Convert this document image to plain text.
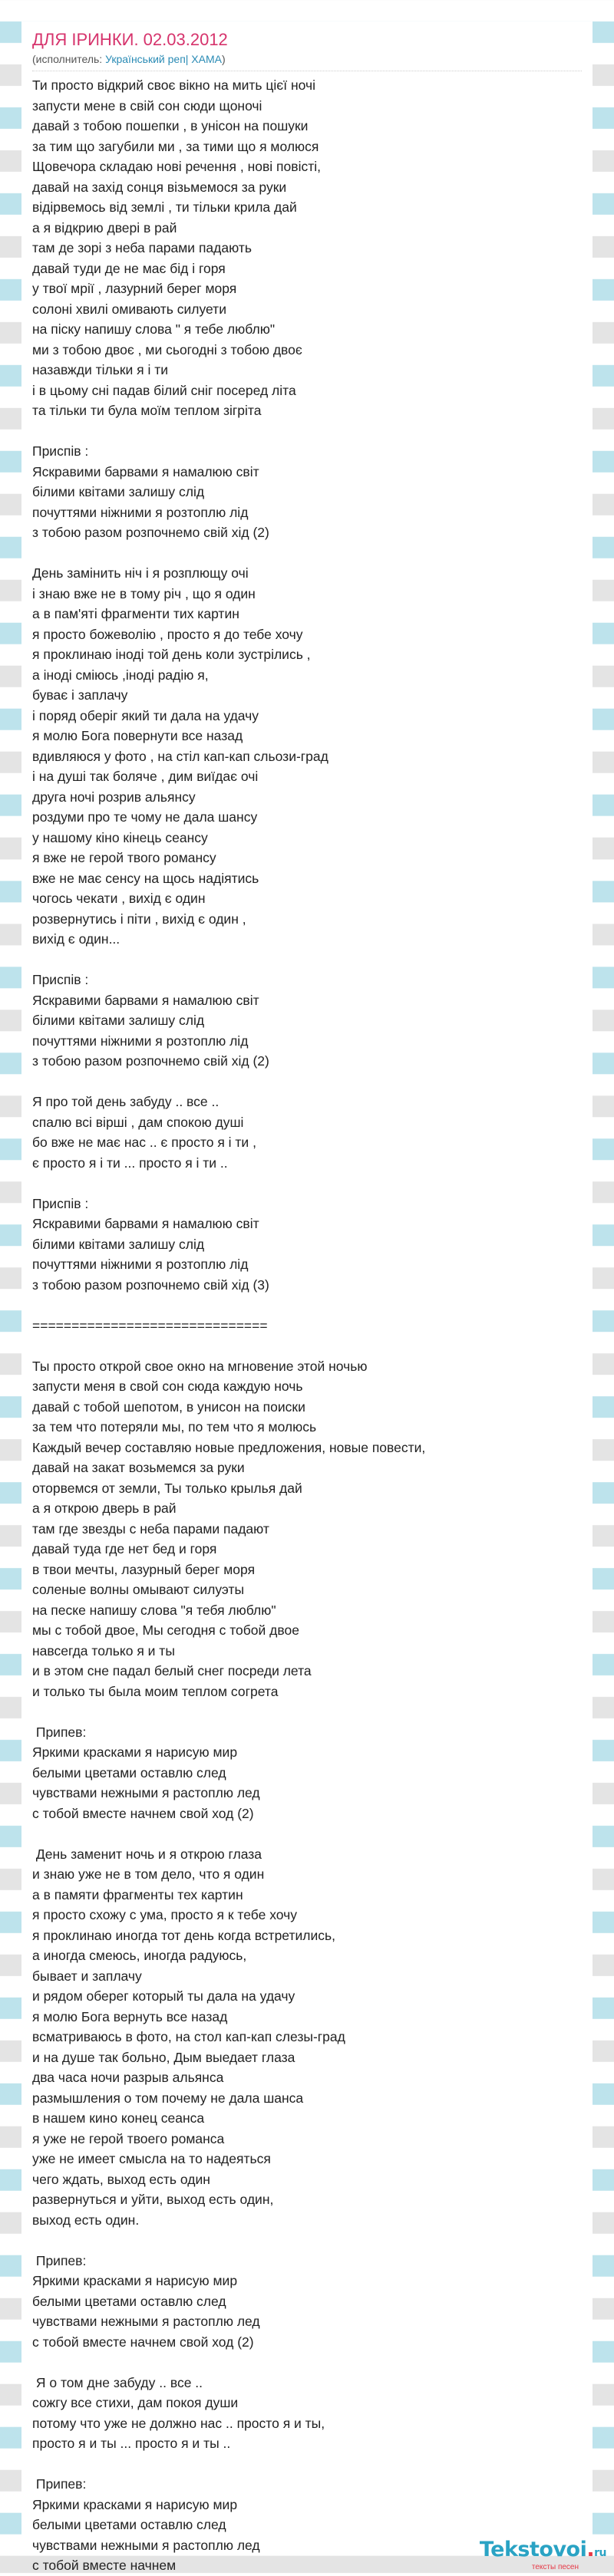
ДЛЯ ІРИНКИ. 02.03.2012
(исполнитель: Український реп| ХАМА)
Ти просто відкрий своє вікно на мить цієї ночі
запусти мене в свій сон сюди щоночі
давай з тобою пошепки , в унісон на пошуки
за тим що загубили ми , за тими що я молюся
Щовечора складаю нові речення , нові повісті,
давай на захід сонця візьмемося за руки
відірвемось від землі , ти тільки крила дай
а я відкрию двері в рай
там де зорі з неба парами падають
давай туди де не має бід і горя
у твої мрії , лазурний берег моря
солоні хвилі омивають силуети
на піску напишу слова " я тебе люблю"
ми з тобою двоє , ми сьогодні з тобою двоє
назавжди тільки я і ти
і в цьому сні падав білий сніг посеред літа
та тільки ти була моїм теплом зігріта

Приспів :
Яскравими барвами я намалюю світ
білими квітами залишу слід
почуттями ніжними я розтоплю лід
з тобою разом розпочнемо свій хід (2)

День замінить ніч і я розплющу очі
і знаю вже не в тому річ , що я один
а в пам'яті фрагменти тих картин
я просто божеволію , просто я до тебе хочу
я проклинаю іноді той день коли зустрілись ,
а іноді сміюсь ,іноді радію я,
буває і заплачу
і поряд оберіг який ти дала на удачу
я молю Бога повернути все назад
вдивляюся у фото , на стіл кап-кап сльози-град
і на душі так боляче , дим виїдає очі
друга ночі розрив альянсу
роздуми про те чому не дала шансу
у нашому кіно кінець сеансу
я вже не герой твого романсу
вже не має сенсу на щось надіятись
чогось чекати , вихід є один
розвернутись і піти , вихід є один ,
вихід є один...

Приспів :
Яскравими барвами я намалюю світ
білими квітами залишу слід
почуттями ніжними я розтоплю лід
з тобою разом розпочнемо свій хід (2)

Я про той день забуду .. все ..
спалю всі вірші , дам спокою душі
бо вже не має нас .. є просто я і ти ,
є просто я і ти ... просто я і ти ..

Приспів :
Яскравими барвами я намалюю світ
білими квітами залишу слід
почуттями ніжними я розтоплю лід
з тобою разом розпочнемо свій хід (3)

==============================

Ты просто открой свое окно на мгновение этой ночью
запусти меня в свой сон сюда каждую ночь
давай с тобой шепотом, в унисон на поиски
за тем что потеряли мы, по тем что я молюсь
Каждый вечер составляю новые предложения, новые повести,
давай на закат возьмемся за руки
оторвемся от земли, Ты только крылья дай
а я открою дверь в рай
там где звезды с неба парами падают
давай туда где нет бед и горя
в твои мечты, лазурный берег моря
соленые волны омывают силуэты
на песке напишу слова "я тебя люблю"
мы с тобой двое, Мы сегодня с тобой двое
навсегда только я и ты
и в этом сне падал белый снег посреди лета
и только ты была моим теплом согрета

Припев:
Яркими красками я нарисую мир
белыми цветами оставлю след
чувствами нежными я растоплю лед
с тобой вместе начнем свой ход (2)

День заменит ночь и я открою глаза
и знаю уже не в том дело, что я один
а в памяти фрагменты тех картин
я просто схожу с ума, просто я к тебе хочу
я проклинаю иногда тот день когда встретились,
а иногда смеюсь, иногда радуюсь,
бывает и заплачу
и рядом оберег который ты дала на удачу
я молю Бога вернуть все назад
всматриваюсь в фото, на стол кап-кап слезы-град
и на душе так больно, Дым выедает глаза
два часа ночи разрыв альянса
размышления о том почему не дала шанса
в нашем кино конец сеанса
я уже не герой твоего романса
уже не имеет смысла на то надеяться
чего ждать, выход есть один
развернуться и уйти, выход есть один,
выход есть один.

Припев:
Яркими красками я нарисую мир
белыми цветами оставлю след
чувствами нежными я растоплю лед
с тобой вместе начнем свой ход (2)

Я о том дне забуду .. все ..
сожгу все стихи, дам покоя души
потому что уже не должно нас .. просто я и ты,
просто я и ты ... просто я и ты ..

Припев:
Яркими красками я нарисую мир
белыми цветами оставлю след
чувствами нежными я растоплю лед
с тобой вместе начнем
Tekstovoi.ru
тексты песен
